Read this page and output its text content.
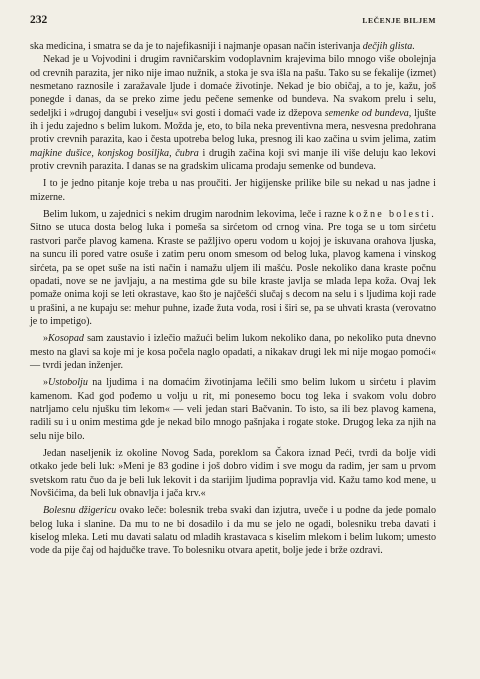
232	LEČENJE BILJEM

ska medicina, i smatra se da je to najefikasniji i najmanje opasan način isterivanja dečjih glista.

Nekad je u Vojvodini i drugim ravničarskim vodoplavnim krajevima bilo mnogo više obolejnja od crevnih parazita, jer niko nije imao nužnik, a stoka je sva išla na pašu. Tako su se fekalije (izmet) nesmetano raznosile i zaražavale ljude i domaće životinje. Nekad je bio običaj, a to je, kažu, još ponegde i danas, da se preko zime jedu pečene semenke od bundeva. Na svakom prelu i selu, sedeljki i »drugoj dangubi i veselju« svi gosti i domaći vade iz džepova semenke od bundeva, ljušte ih i jedu zajedno s belim lukom. Možda je, eto, to bila neka preventivna mera, nesvesna predohrana protiv crevnih parazita, kao i česta upotreba belog luka, presnog ili kao začina u svim jelima, zatim majkine dušice, konjskog bosiljka, čubra i drugih začina koji svi manje ili više deluju kao lekovi protiv crevnih parazita. I danas se na gradskim ulicama prodaju semenke od bundeva.

I to je jedno pitanje koje treba u nas proučiti. Jer higijenske prilike bile su nekad u nas jadne i mizerne.

Belim lukom, u zajednici s nekim drugim narodnim lekovima, leče i razne kožne bolesti. Sitno se utuca dosta belog luka i pomeša sa sirćetom od crnog vina. Pre toga se u tom sirćetu rastvori parče plavog kamena. Kraste se pažljivo operu vodom u kojoj je iskuvana orahova ljuska, na suncu ili pored vatre osuše i zatim peru onom smesom od belog luka, plavog kamena i vinskog sirćeta, pa se opet suše na isti način i namažu uljem ili mašću. Posle nekoliko dana kraste počnu opadati, nove se ne javljaju, a na mestima gde su bile kraste javlja se mlada lepa koža. Ovaj lek pomaže onima koji se leti okrastave, kao što je najčešći slučaj s decom na selu i s ljudima koji rade u prašini, a ne kupaju se: mehur puhne, izađe žuta voda, rosi i širi se, pa se uhvati krasta (verovatno je to impetigo).

»Kosopad sam zaustavio i izlečio mažući belim lukom nekoliko dana, po nekoliko puta dnevno mesto na glavi sa koje mi je kosa počela naglo opadati, a nikakav drugi lek mi nije mogao pomoći« — tvrdi jedan inženjer.

»Ustobolju na ljudima i na domaćim životinjama lečili smo belim lukom u sirćetu i plavim kamenom. Kad god pođemo u volju u rit, mi ponesemo bocu tog leka i svakom volu dobro natrljamo celu njušku tim lekom« — veli jedan stari Bačvanin. To isto, sa ili bez plavog kamena, radili su i u onim mestima gde je nekad bilo mnogo pašnjaka i rogate stoke. Drugog leka za njih na selu nije bilo.

Jedan naseljenik iz okoline Novog Sada, poreklom sa Čakora iznad Peći, tvrdi da bolje vidi otkako jede beli luk: »Meni je 83 godine i još dobro vidim i sve mogu da radim, jer sam u prvom svetskom ratu čuo da je beli luk lekovit i da starijim ljudima popravlja vid. Kažu tamo kod mene, u Novšićima, da beli luk obnavlja i jača krv.«

Bolesnu džigericu ovako leče: bolesnik treba svaki dan izjutra, uveče i u podne da jede pomalo belog luka i slanine. Da mu to ne bi dosadilo i da mu se jelo ne ogadi, bolesniku treba davati i kiselog mleka. Leti mu davati salatu od mladih krastavaca s kiselim mlekom i belim lukom; umesto vode da pije čaj od hajdučke trave. To bolesniku otvara apetit, bolje jede i brže ozdravi.
